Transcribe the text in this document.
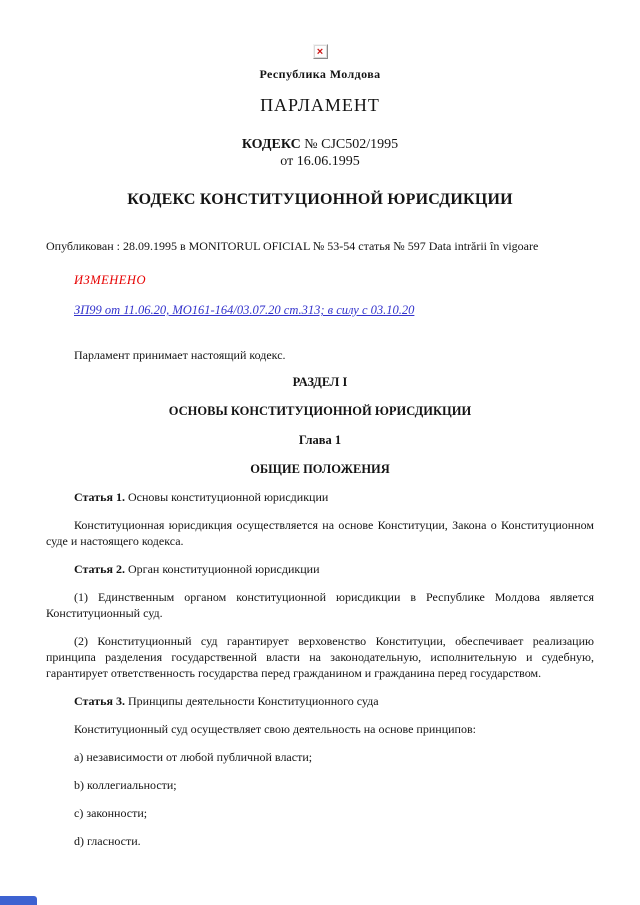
×
Республика Молдова
ПАРЛАМЕНТ
КОДЕКС № CJC502/1995
от 16.06.1995
КОДЕКС КОНСТИТУЦИОННОЙ ЮРИСДИКЦИИ
Опубликован : 28.09.1995 в MONITORUL OFICIAL № 53-54 статья № 597 Data intrării în vigoare
ИЗМЕНЕНО
ЗП99 от 11.06.20, MO161-164/03.07.20 ст.313; в силу с 03.10.20
Парламент принимает настоящий кодекс.
РАЗДЕЛ I
ОСНОВЫ КОНСТИТУЦИОННОЙ ЮРИСДИКЦИИ
Глава 1
ОБЩИЕ ПОЛОЖЕНИЯ

Статья 1. Основы конституционной юрисдикции

Конституционная юрисдикция осуществляется на основе Конституции, Закона о Конституционном суде и настоящего кодекса.

Статья 2. Орган конституционной юрисдикции

(1) Единственным органом конституционной юрисдикции в Республике Молдова является Конституционный суд.

(2) Конституционный суд гарантирует верховенство Конституции, обеспечивает реализацию принципа разделения государственной власти на законодательную, исполнительную и судебную, гарантирует ответственность государства перед гражданином и гражданина перед государством.

Статья 3. Принципы деятельности Конституционного суда

Конституционный суд осуществляет свою деятельность на основе принципов:

a) независимости от любой публичной власти;

b) коллегиальности;

c) законности;

d) гласности.
